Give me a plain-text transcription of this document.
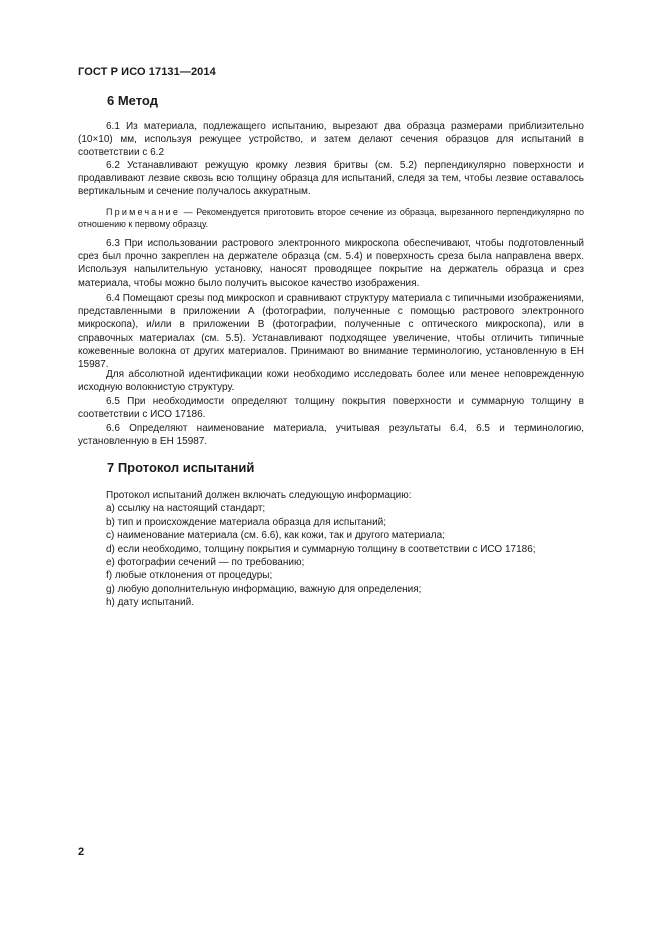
ГОСТ Р ИСО 17131—2014
6 Метод
6.1 Из материала, подлежащего испытанию, вырезают два образца размерами приблизительно (10×10) мм, используя режущее устройство, и затем делают сечения образцов для испытаний в соответствии с 6.2
6.2 Устанавливают режущую кромку лезвия бритвы (см. 5.2) перпендикулярно поверхности и продавливают лезвие сквозь всю толщину образца для испытаний, следя за тем, чтобы лезвие оставалось вертикальным и сечение получалось аккуратным.
Примечание — Рекомендуется приготовить второе сечение из образца, вырезанного перпендикулярно по отношению к первому образцу.
6.3 При использовании растрового электронного микроскопа обеспечивают, чтобы подготовленный срез был прочно закреплен на держателе образца (см. 5.4) и поверхность среза была направлена вверх. Используя напылительную установку, наносят проводящее покрытие на держатель образца и срез материала, чтобы можно было получить высокое качество изображения.
6.4 Помещают срезы под микроскоп и сравнивают структуру материала с типичными изображениями, представленными в приложении А (фотографии, полученные с помощью растрового электронного микроскопа), и/или в приложении В (фотографии, полученные с оптического микроскопа), или в справочных материалах (см. 5.5). Устанавливают подходящее увеличение, чтобы отличить типичные кожевенные волокна от других материалов. Принимают во внимание терминологию, установленную в ЕН 15987.
Для абсолютной идентификации кожи необходимо исследовать более или менее неповрежденную исходную волокнистую структуру.
6.5 При необходимости определяют толщину покрытия поверхности и суммарную толщину в соответствии с ИСО 17186.
6.6 Определяют наименование материала, учитывая результаты 6.4, 6.5 и терминологию, установленную в ЕН 15987.
7 Протокол испытаний
Протокол испытаний должен включать следующую информацию:
a) ссылку на настоящий стандарт;
b) тип и происхождение материала образца для испытаний;
c) наименование материала (см. 6.6), как кожи, так и другого материала;
d) если необходимо, толщину покрытия и суммарную толщину в соответствии с ИСО 17186;
e) фотографии сечений — по требованию;
f) любые отклонения от процедуры;
g) любую дополнительную информацию, важную для определения;
h) дату испытаний.
2
